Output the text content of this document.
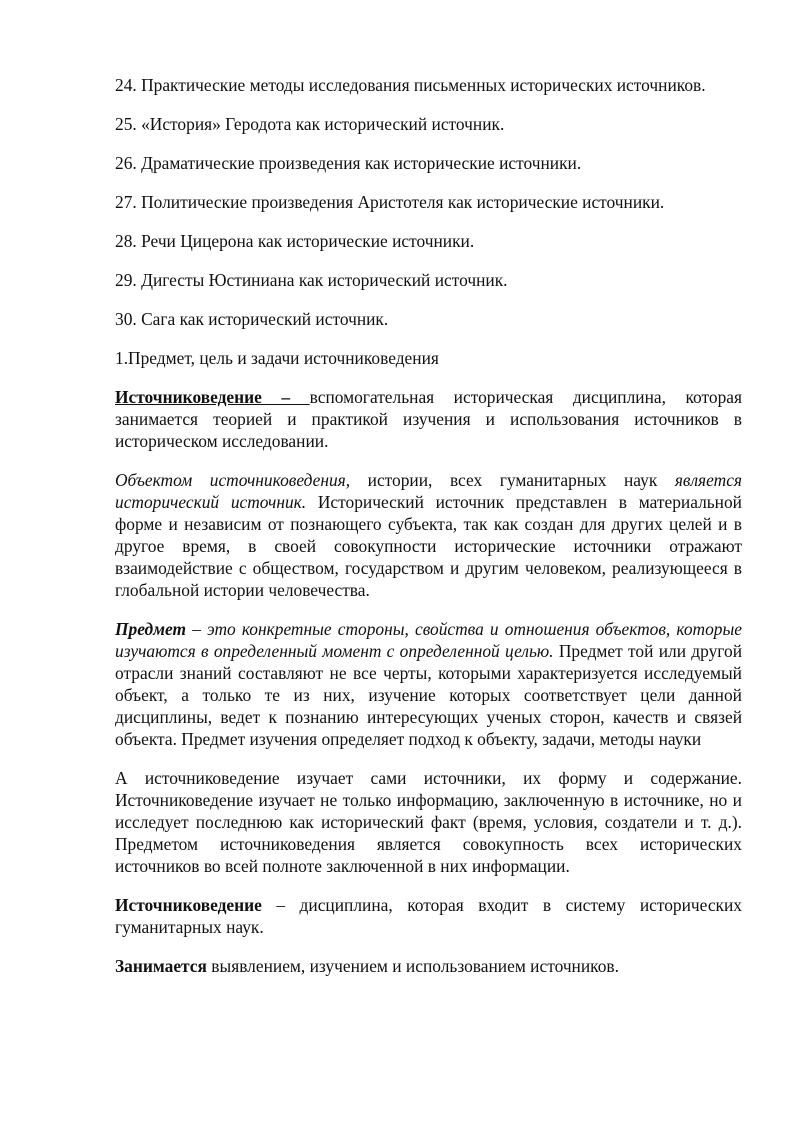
24. Практические методы исследования письменных исторических источников.

25. «История» Геродота как исторический источник.

26. Драматические произведения как исторические источники.

27. Политические произведения Аристотеля как исторические источники.

28. Речи Цицерона как исторические источники.

29. Дигесты Юстиниана как исторический источник.

30. Сага как исторический источник.

1.Предмет, цель и задачи источниковедения

Источниковедение – вспомогательная историческая дисциплина, которая занимается теорией и практикой изучения и использования источников в историческом исследовании.

Объектом источниковедения, истории, всех гуманитарных наук является исторический источник. Исторический источник представлен в материальной форме и независим от познающего субъекта, так как создан для других целей и в другое время, в своей совокупности исторические источники отражают взаимодействие с обществом, государством и другим человеком, реализующееся в глобальной истории человечества.

Предмет – это конкретные стороны, свойства и отношения объектов, которые изучаются в определенный момент с определенной целью. Предмет той или другой отрасли знаний составляют не все черты, которыми характеризуется исследуемый объект, а только те из них, изучение которых соответствует цели данной дисциплины, ведет к познанию интересующих ученых сторон, качеств и связей объекта. Предмет изучения определяет подход к объекту, задачи, методы науки

А источниковедение изучает сами источники, их форму и содержание. Источниковедение изучает не только информацию, заключенную в источнике, но и исследует последнюю как исторический факт (время, условия, создатели и т. д.). Предметом источниковедения является совокупность всех исторических источников во всей полноте заключенной в них информации.

Источниковедение – дисциплина, которая входит в систему исторических гуманитарных наук.

Занимается выявлением, изучением и использованием источников.
